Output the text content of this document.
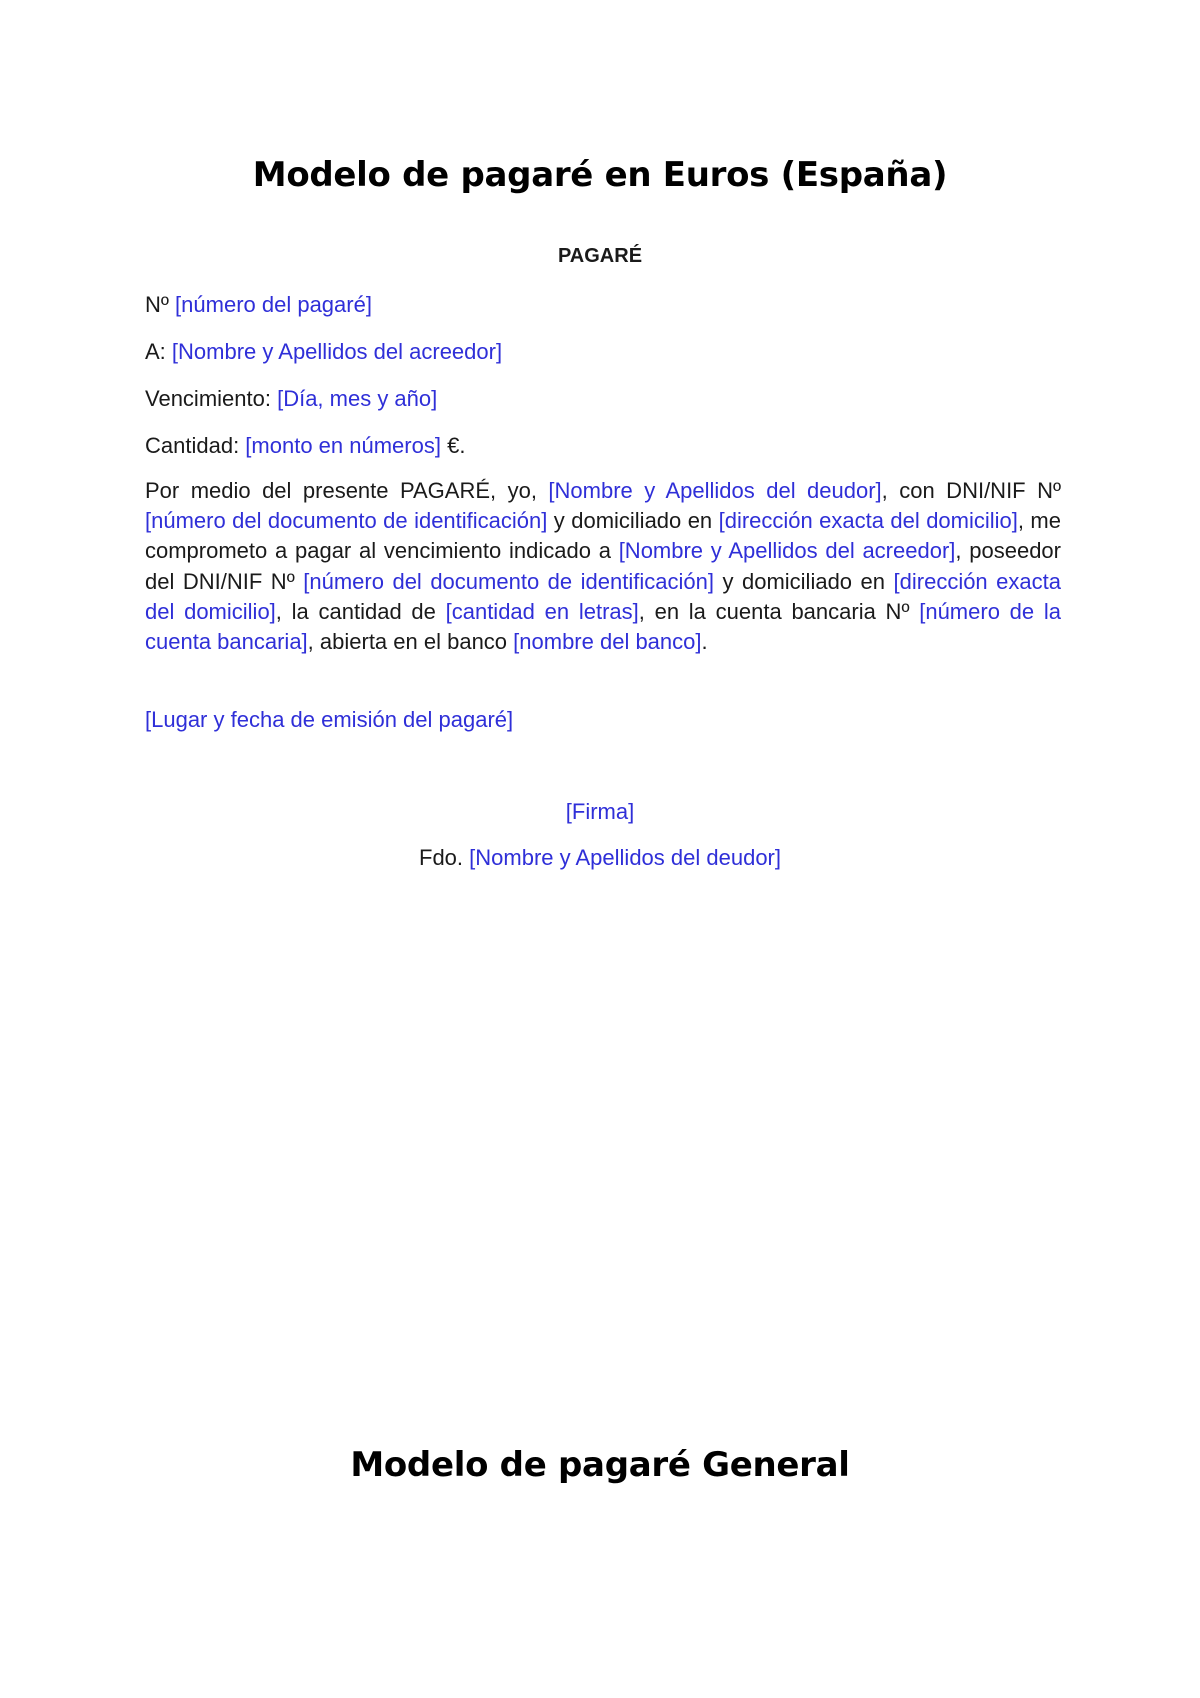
Modelo de pagaré en Euros (España)
PAGARÉ
Nº [número del pagaré]
A: [Nombre y Apellidos del acreedor]
Vencimiento: [Día, mes y año]
Cantidad: [monto en números] €.
Por medio del presente PAGARÉ, yo, [Nombre y Apellidos del deudor], con DNI/NIF Nº [número del documento de identificación] y domiciliado en [dirección exacta del domicilio], me comprometo a pagar al vencimiento indicado a [Nombre y Apellidos del acreedor], poseedor del DNI/NIF Nº [número del documento de identificación] y domiciliado en [dirección exacta del domicilio], la cantidad de [cantidad en letras], en la cuenta bancaria Nº [número de la cuenta bancaria], abierta en el banco [nombre del banco].
[Lugar y fecha de emisión del pagaré]
[Firma]
Fdo. [Nombre y Apellidos del deudor]
Modelo de pagaré General
